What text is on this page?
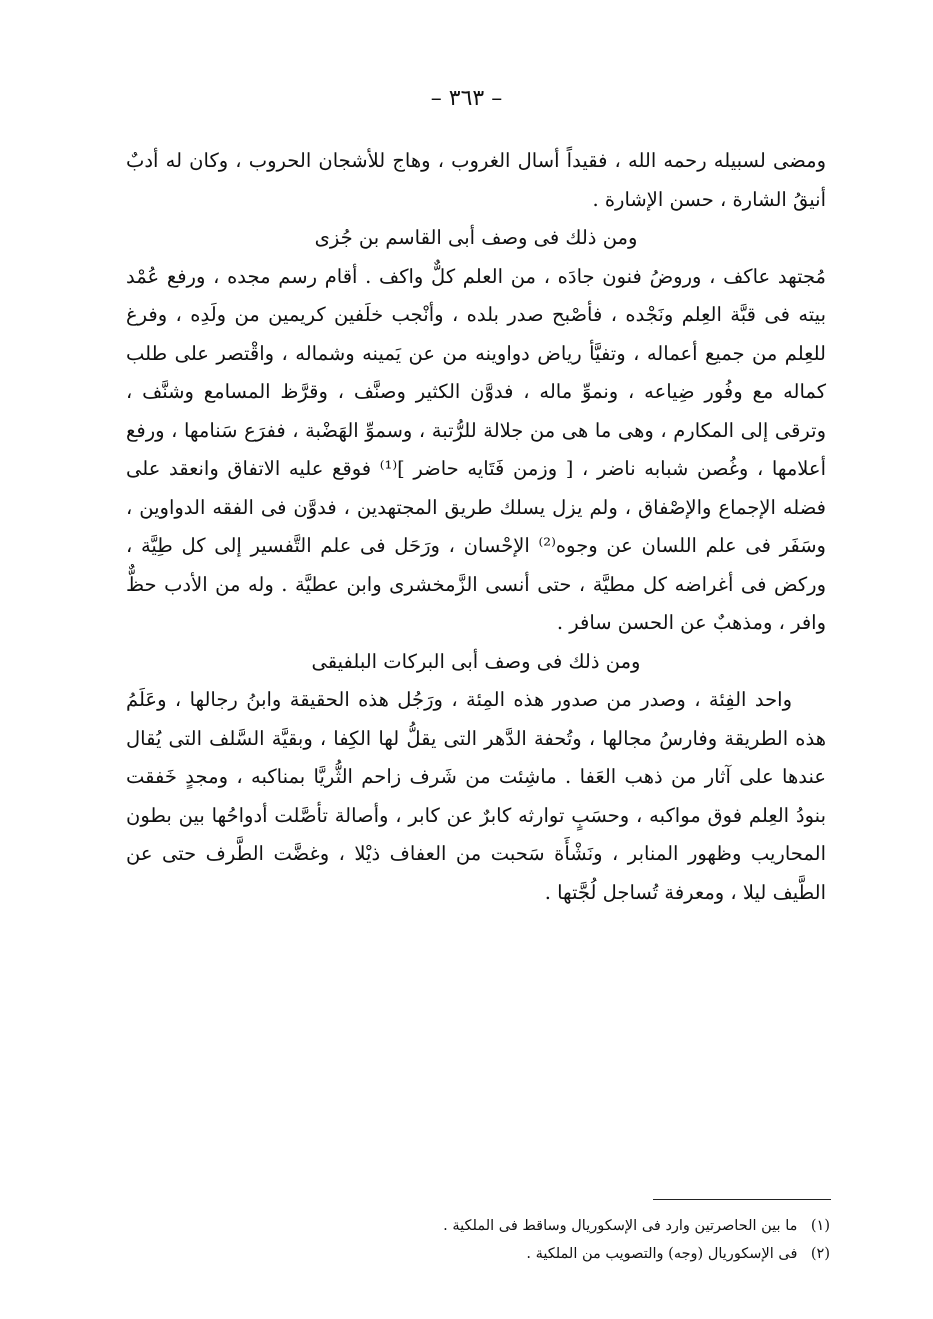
– ٣٦٣ –

ومضى لسبيله رحمه الله ، فقيداً أسال الغروب ، وهاج للأشجان الحروب ، وكان له أدبٌ أنيقُ الشارة ، حسن الإشارة .

ومن ذلك فى وصف أبى القاسم بن جُزى

مُجتهد عاكف ، وروضُ فنون جادَه ، من العلم كلٌّ واكف . أقام رسم مجده ، ورفع عُمْد بيته فى قبَّة العِلم ونَجْده ، فأصْبح صدر بلده ، وأنْجب خلَفين كريمين من ولَدِه ، وفرغ للعِلم من جميع أعماله ، وتفيَّأ رياض دواوينه من عن يَمينه وشماله ، واقْتصر على طلب كماله مع وفُور ضِياعه ، ونموِّ ماله ، فدوَّن الكثير وصنَّف ، وقرَّظ المسامع وشنَّف ، وترقى إلى المكارم ، وهى ما هى من جلالة للرُّتبة ، وسموِّ الهَضْبة ، ففرَع سَنامها ، ورفع أعلامها ، وغُصن شبابه ناضر ، [ وزمن فَتَايه حاضر ]⁽¹⁾ فوقع عليه الاتفاق وانعقد على فضله الإجماع والإصْفاق ، ولم يزل يسلك طريق المجتهدين ، فدوَّن فى الفقه الدواوين ، وسَفَر فى علم اللسان عن وجوه⁽²⁾ الإحْسان ، ورَحَل فى علم التَّفسير إلى كل طِيَّة ، وركض فى أغراضه كل مطيَّة ، حتى أنسى الزَّمخشرى وابن عطيَّة . وله من الأدب حظٌّ وافر ، ومذهبٌ عن الحسن سافر .

ومن ذلك فى وصف أبى البركات البلفيقى

واحد الفِئة ، وصدر من صدور هذه المِئة ، ورَجُل هذه الحقيقة وابنُ رجالها ، وعَلَمُ هذه الطريقة وفارسُ مجالها ، وتُحفة الدَّهر التى يقلُّ لها الكِفا ، وبقيَّة السَّلف التى يُقال عندها على آثار من ذهب العَفا . ماشِئت من شَرف زاحم الثُّريَّا بمناكبه ، ومجدٍ خَفقت بنودُ العِلم فوق مواكبه ، وحسَبٍ توارثه كابرٌ عن كابر ، وأصالة تأصَّلت أدواحُها بين بطون المحاريب وظهور المنابر ، ونَشْأَة سَحبت من العفاف ذيْلا ، وغضَّت الطَّرف حتى عن الطَّيف ليلا ، ومعرفة تُساجل لُجَّتها .

(١) ما بين الحاصرتين وارد فى الإسكوريال وساقط فى الملكية .

(٢) فى الإسكوريال (وجه) والتصويب من الملكية .
